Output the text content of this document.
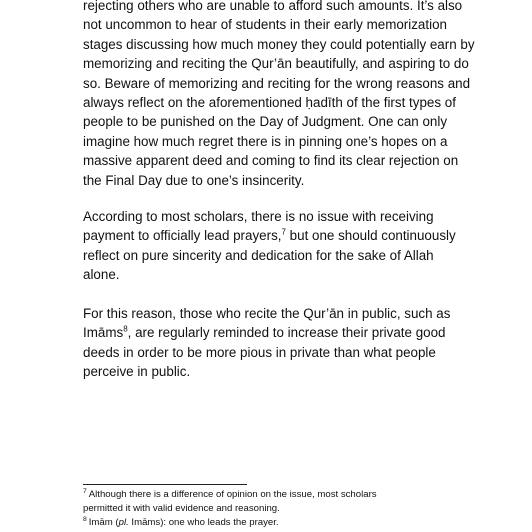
rejecting others who are unable to afford such amounts. It’s also
not uncommon to hear of students in their early memorization
stages discussing how much money they could potentially earn by
memorizing and reciting the Qur’ān beautifully, and aspiring to do
so. Beware of memorizing and reciting for the wrong reasons and
always reflect on the aforementioned ḥadīth of the first types of
people to be punished on the Day of Judgment. One can only
imagine how much regret there is in pinning one’s hopes on a
massive apparent deed and coming to find its clear rejection on
the Final Day due to one’s insincerity.

According to most scholars, there is no issue with receiving
payment to officially lead prayers,$^7$ but one should continuously
reflect on pure sincerity and dedication for the sake of Allah
alone.

For this reason, those who recite the Qur’ān in public, such as
Imāms$^8$, are regularly reminded to increase their private good
deeds in order to be more pious in private than what people
perceive in public.

$^7$ Although there is a difference of opinion on the issue, most scholars
permitted it with valid evidence and reasoning.
$^8$ Imām (pl. Imāms): one who leads the prayer.
